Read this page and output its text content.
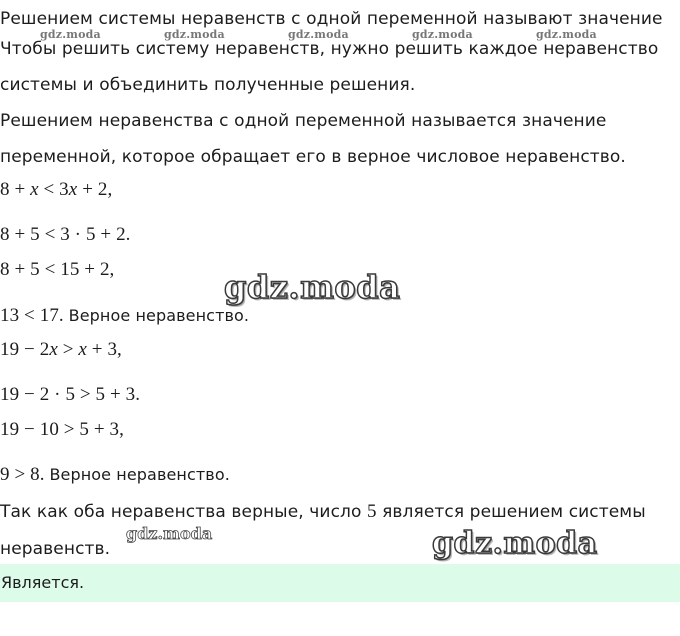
Решением системы неравенств с одной переменной называют значение
gdz.moda	gdz.moda	gdz.moda	gdz.moda	gdz.moda
Чтобы решить систему неравенств, нужно решить каждое неравенство
системы и объединить полученные решения.
Решением неравенства с одной переменной называется значение
переменной, которое обращает его в верное числовое неравенство.
8 + x < 3x + 2,
8 + 5 < 3 · 5 + 2.
8 + 5 < 15 + 2,	gdz.moda
13 < 17. Верное неравенство.
19 − 2x > x + 3,
19 − 2 · 5 > 5 + 3.
19 − 10 > 5 + 3,
9 > 8. Верное неравенство.
Так как оба неравенства верные, число 5 является решением системы
неравенств.
gdz.moda	gdz.moda
Является.
